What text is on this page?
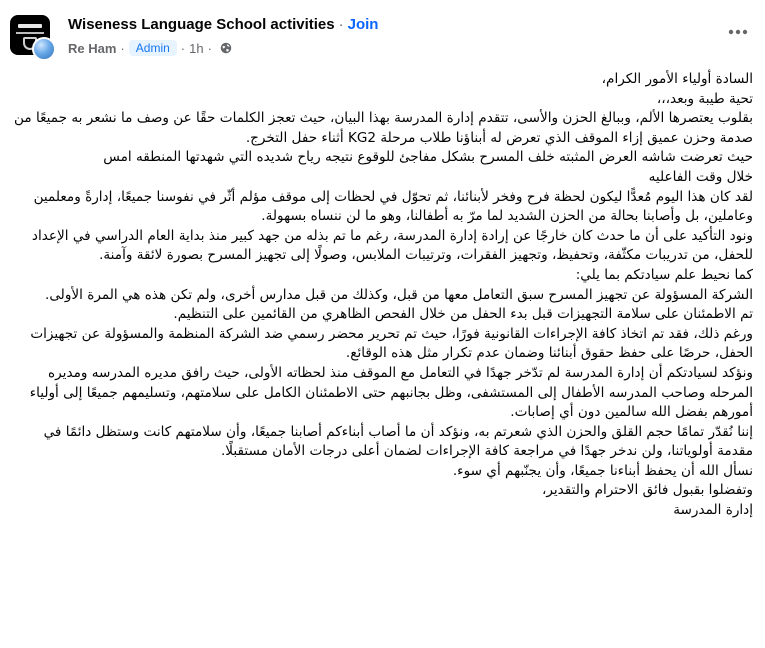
Wiseness Language School activities · Join
Re Ham · Admin · 1h ·
السادة أولياء الأمور الكرام،
تحية طيبة وبعد،،،
بقلوب يعتصرها الألم، وببالغ الحزن والأسى، تتقدم إدارة المدرسة بهذا البيان، حيث تعجز الكلمات حقًا عن وصف ما نشعر به جميعًا من صدمة وحزن عميق إزاء الموقف الذي تعرض له أبناؤنا طلاب مرحلة KG2 أثناء حفل التخرج.
حيث تعرضت شاشه العرض المثبته خلف المسرح بشكل مفاجئ للوقوع نتيجه رياح شديده التي شهدتها المنطقه امس
خلال وقت الفاعليه
لقد كان هذا اليوم مُعدًّا ليكون لحظة فرح وفخر لأبنائنا، ثم تحوّل في لحظات إلى موقف مؤلم أثّر في نفوسنا جميعًا، إدارةً ومعلمين وعاملين، بل وأصابنا بحالة من الحزن الشديد لما مرّ به أطفالنا، وهو ما لن ننساه بسهولة.
ونود التأكيد على أن ما حدث كان خارجًا عن إرادة إدارة المدرسة، رغم ما تم بذله من جهد كبير منذ بداية العام الدراسي في الإعداد للحفل، من تدريبات مكثّفة، وتحفيظ، وتجهيز الفقرات، وترتيبات الملابس، وصولًا إلى تجهيز المسرح بصورة لائقة وآمنة.
كما نحيط علم سيادتكم بما يلي:
الشركة المسؤولة عن تجهيز المسرح سبق التعامل معها من قبل، وكذلك من قبل مدارس أخرى، ولم تكن هذه هي المرة الأولى.
تم الاطمئنان على سلامة التجهيزات قبل بدء الحفل من خلال الفحص الظاهري من القائمين على التنظيم.
ورغم ذلك، فقد تم اتخاذ كافة الإجراءات القانونية فورًا، حيث تم تحرير محضر رسمي ضد الشركة المنظمة والمسؤولة عن تجهيزات الحفل، حرصًا على حفظ حقوق أبنائنا وضمان عدم تكرار مثل هذه الوقائع.
ونؤكد لسيادتكم أن إدارة المدرسة لم تدّخر جهدًا في التعامل مع الموقف منذ لحظاته الأولى، حيث رافق مديره المدرسه ومديره المرحله وصاحب المدرسه الأطفال إلى المستشفى، وظل بجانبهم حتى الاطمئنان الكامل على سلامتهم، وتسليمهم جميعًا إلى أولياء أمورهم بفضل الله سالمين دون أي إصابات.
إننا نُقدّر تمامًا حجم القلق والحزن الذي شعرتم به، ونؤكد أن ما أصاب أبناءكم أصابنا جميعًا، وأن سلامتهم كانت وستظل دائمًا في مقدمة أولوياتنا، ولن ندخر جهدًا في مراجعة كافة الإجراءات لضمان أعلى درجات الأمان مستقبلًا.
نسأل الله أن يحفظ أبناءنا جميعًا، وأن يجنّبهم أي سوء.
وتفضلوا بقبول فائق الاحترام والتقدير،
إدارة المدرسة
